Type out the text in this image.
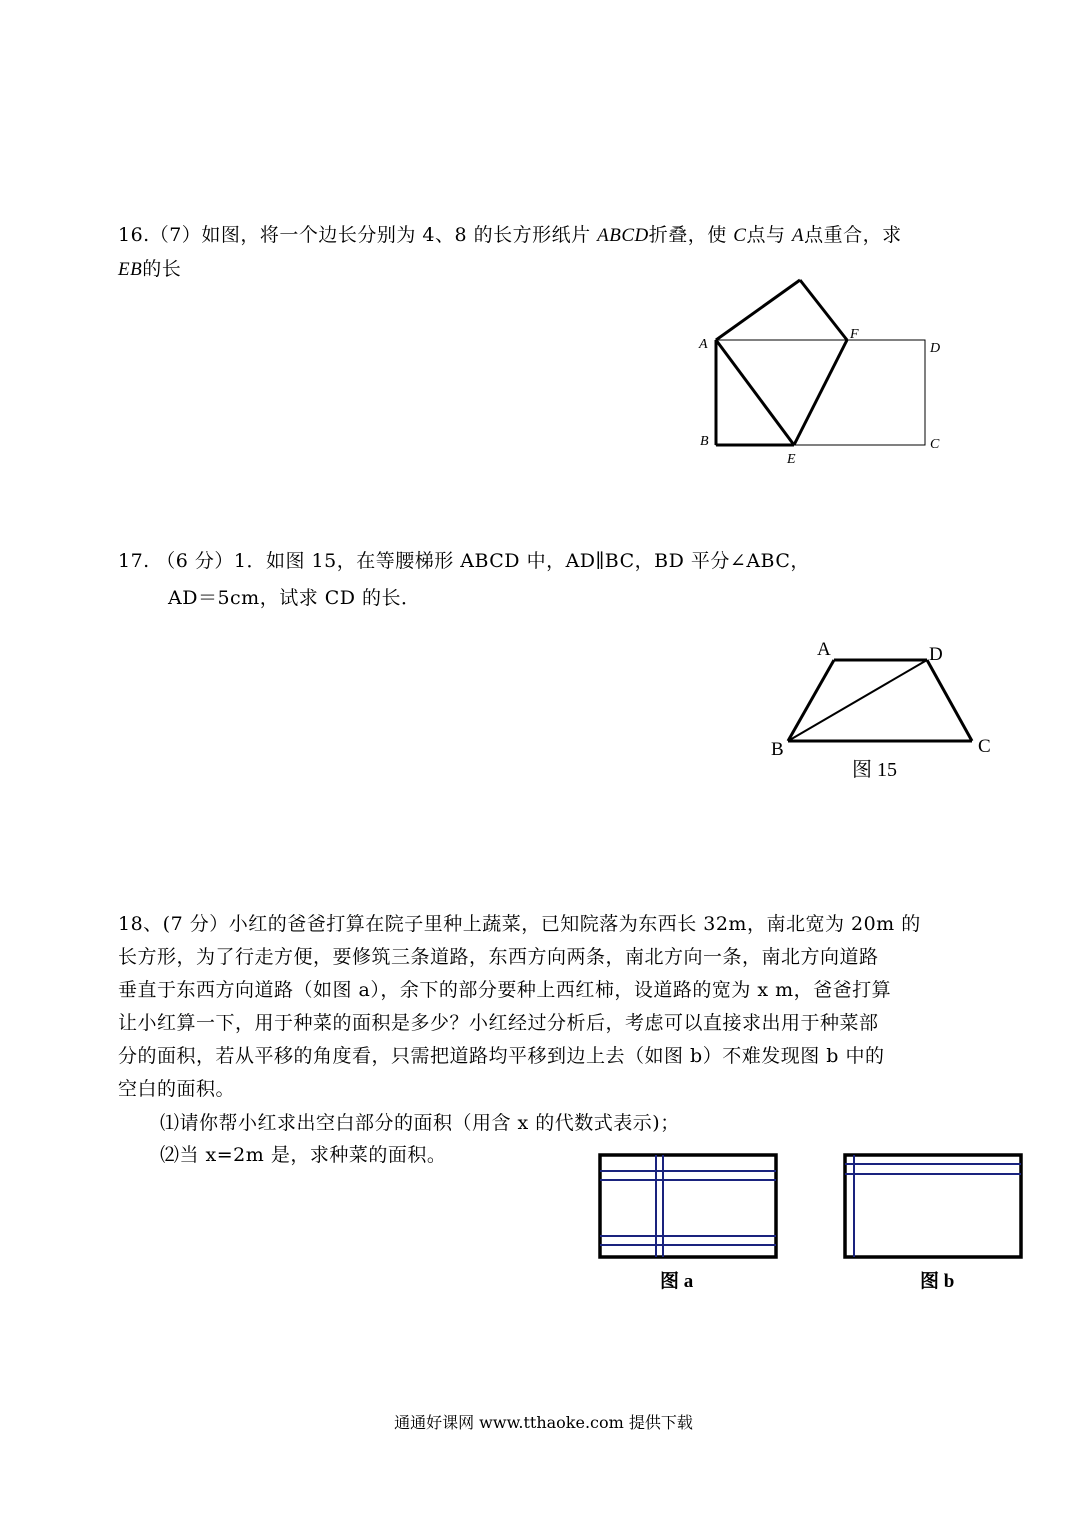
16.（7）如图，将一个边长分别为 4、8 的长方形纸片 ABCD折叠，使 C点与 A点重合，求
EB的长
A
B	C
D
E
F
17. （6 分）1．如图 15，在等腰梯形 ABCD 中，AD∥BC，BD 平分∠ABC，
AD＝5cm，试求 CD 的长．
A	D
B	C
图 15
18、(7 分）小红的爸爸打算在院子里种上蔬菜，已知院落为东西长 32m，南北宽为 20m 的
长方形，为了行走方便，要修筑三条道路，东西方向两条，南北方向一条，南北方向道路
垂直于东西方向道路（如图 a），余下的部分要种上西红柿，设道路的宽为 x m，爸爸打算
让小红算一下，用于种菜的面积是多少？小红经过分析后，考虑可以直接求出用于种菜部
分的面积，若从平移的角度看，只需把道路均平移到边上去（如图 b）不难发现图 b 中的
空白的面积。
⑴请你帮小红求出空白部分的面积（用含 x 的代数式表示)；
⑵当 x=2m 是，求种菜的面积。
图 a	图 b
通通好课网 www.tthaoke.com 提供下载
